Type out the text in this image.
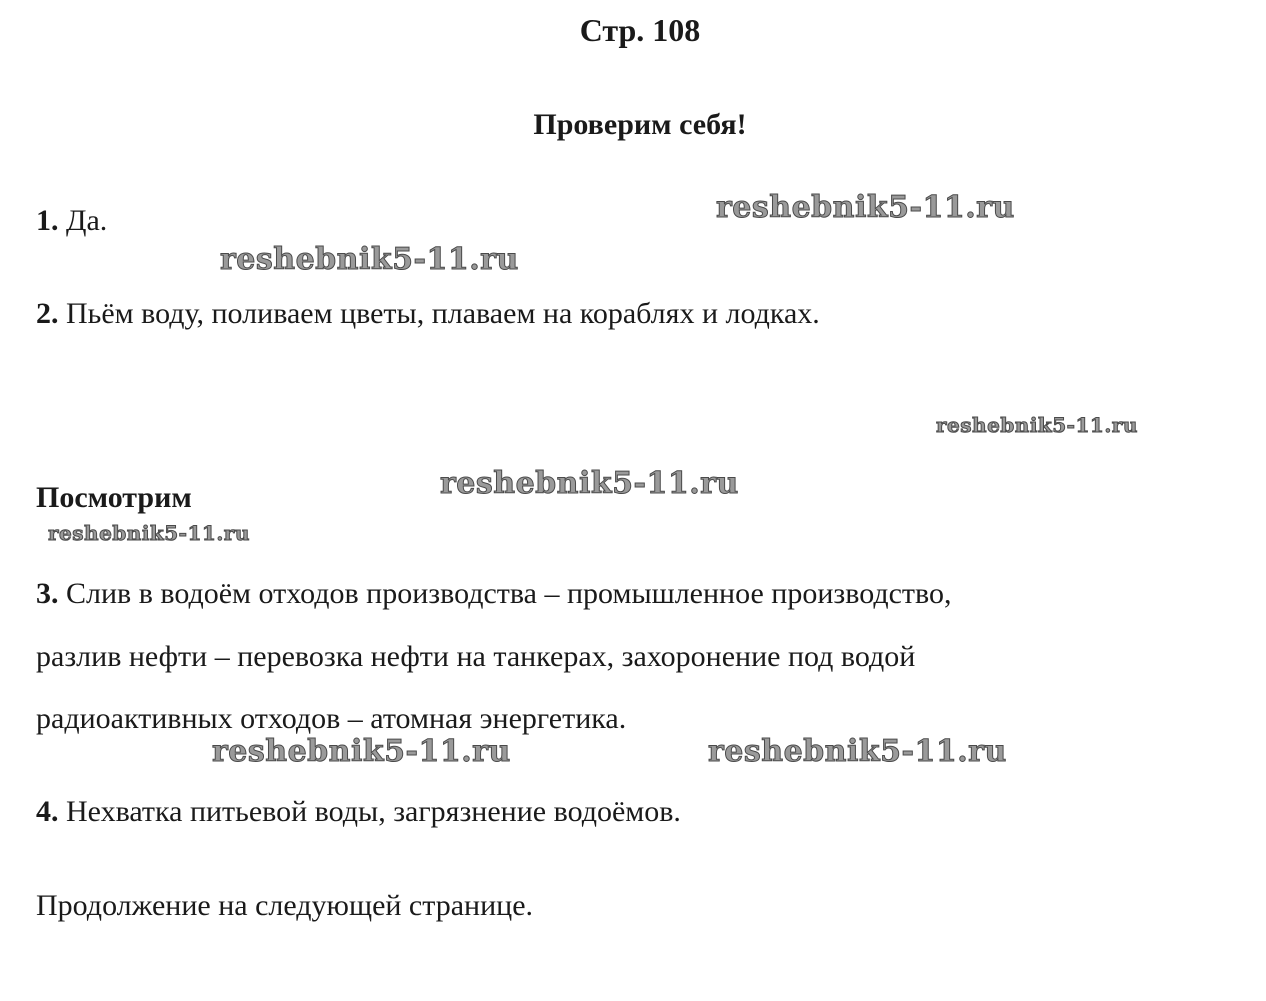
Стр. 108
Проверим себя!
1. Да.
2. Пьём воду, поливаем цветы, плаваем на кораблях и лодках.
Посмотрим
3. Слив в водоём отходов производства – промышленное производство,
разлив нефти – перевозка нефти на танкерах, захоронение под водой
радиоактивных отходов – атомная энергетика.
4. Нехватка питьевой воды, загрязнение водоёмов.
Продолжение на следующей странице.
reshebnik5-11.ru
reshebnik5-11.ru
reshebnik5-11.ru
reshebnik5-11.ru
reshebnik5-11.ru
reshebnik5-11.ru	reshebnik5-11.ru
